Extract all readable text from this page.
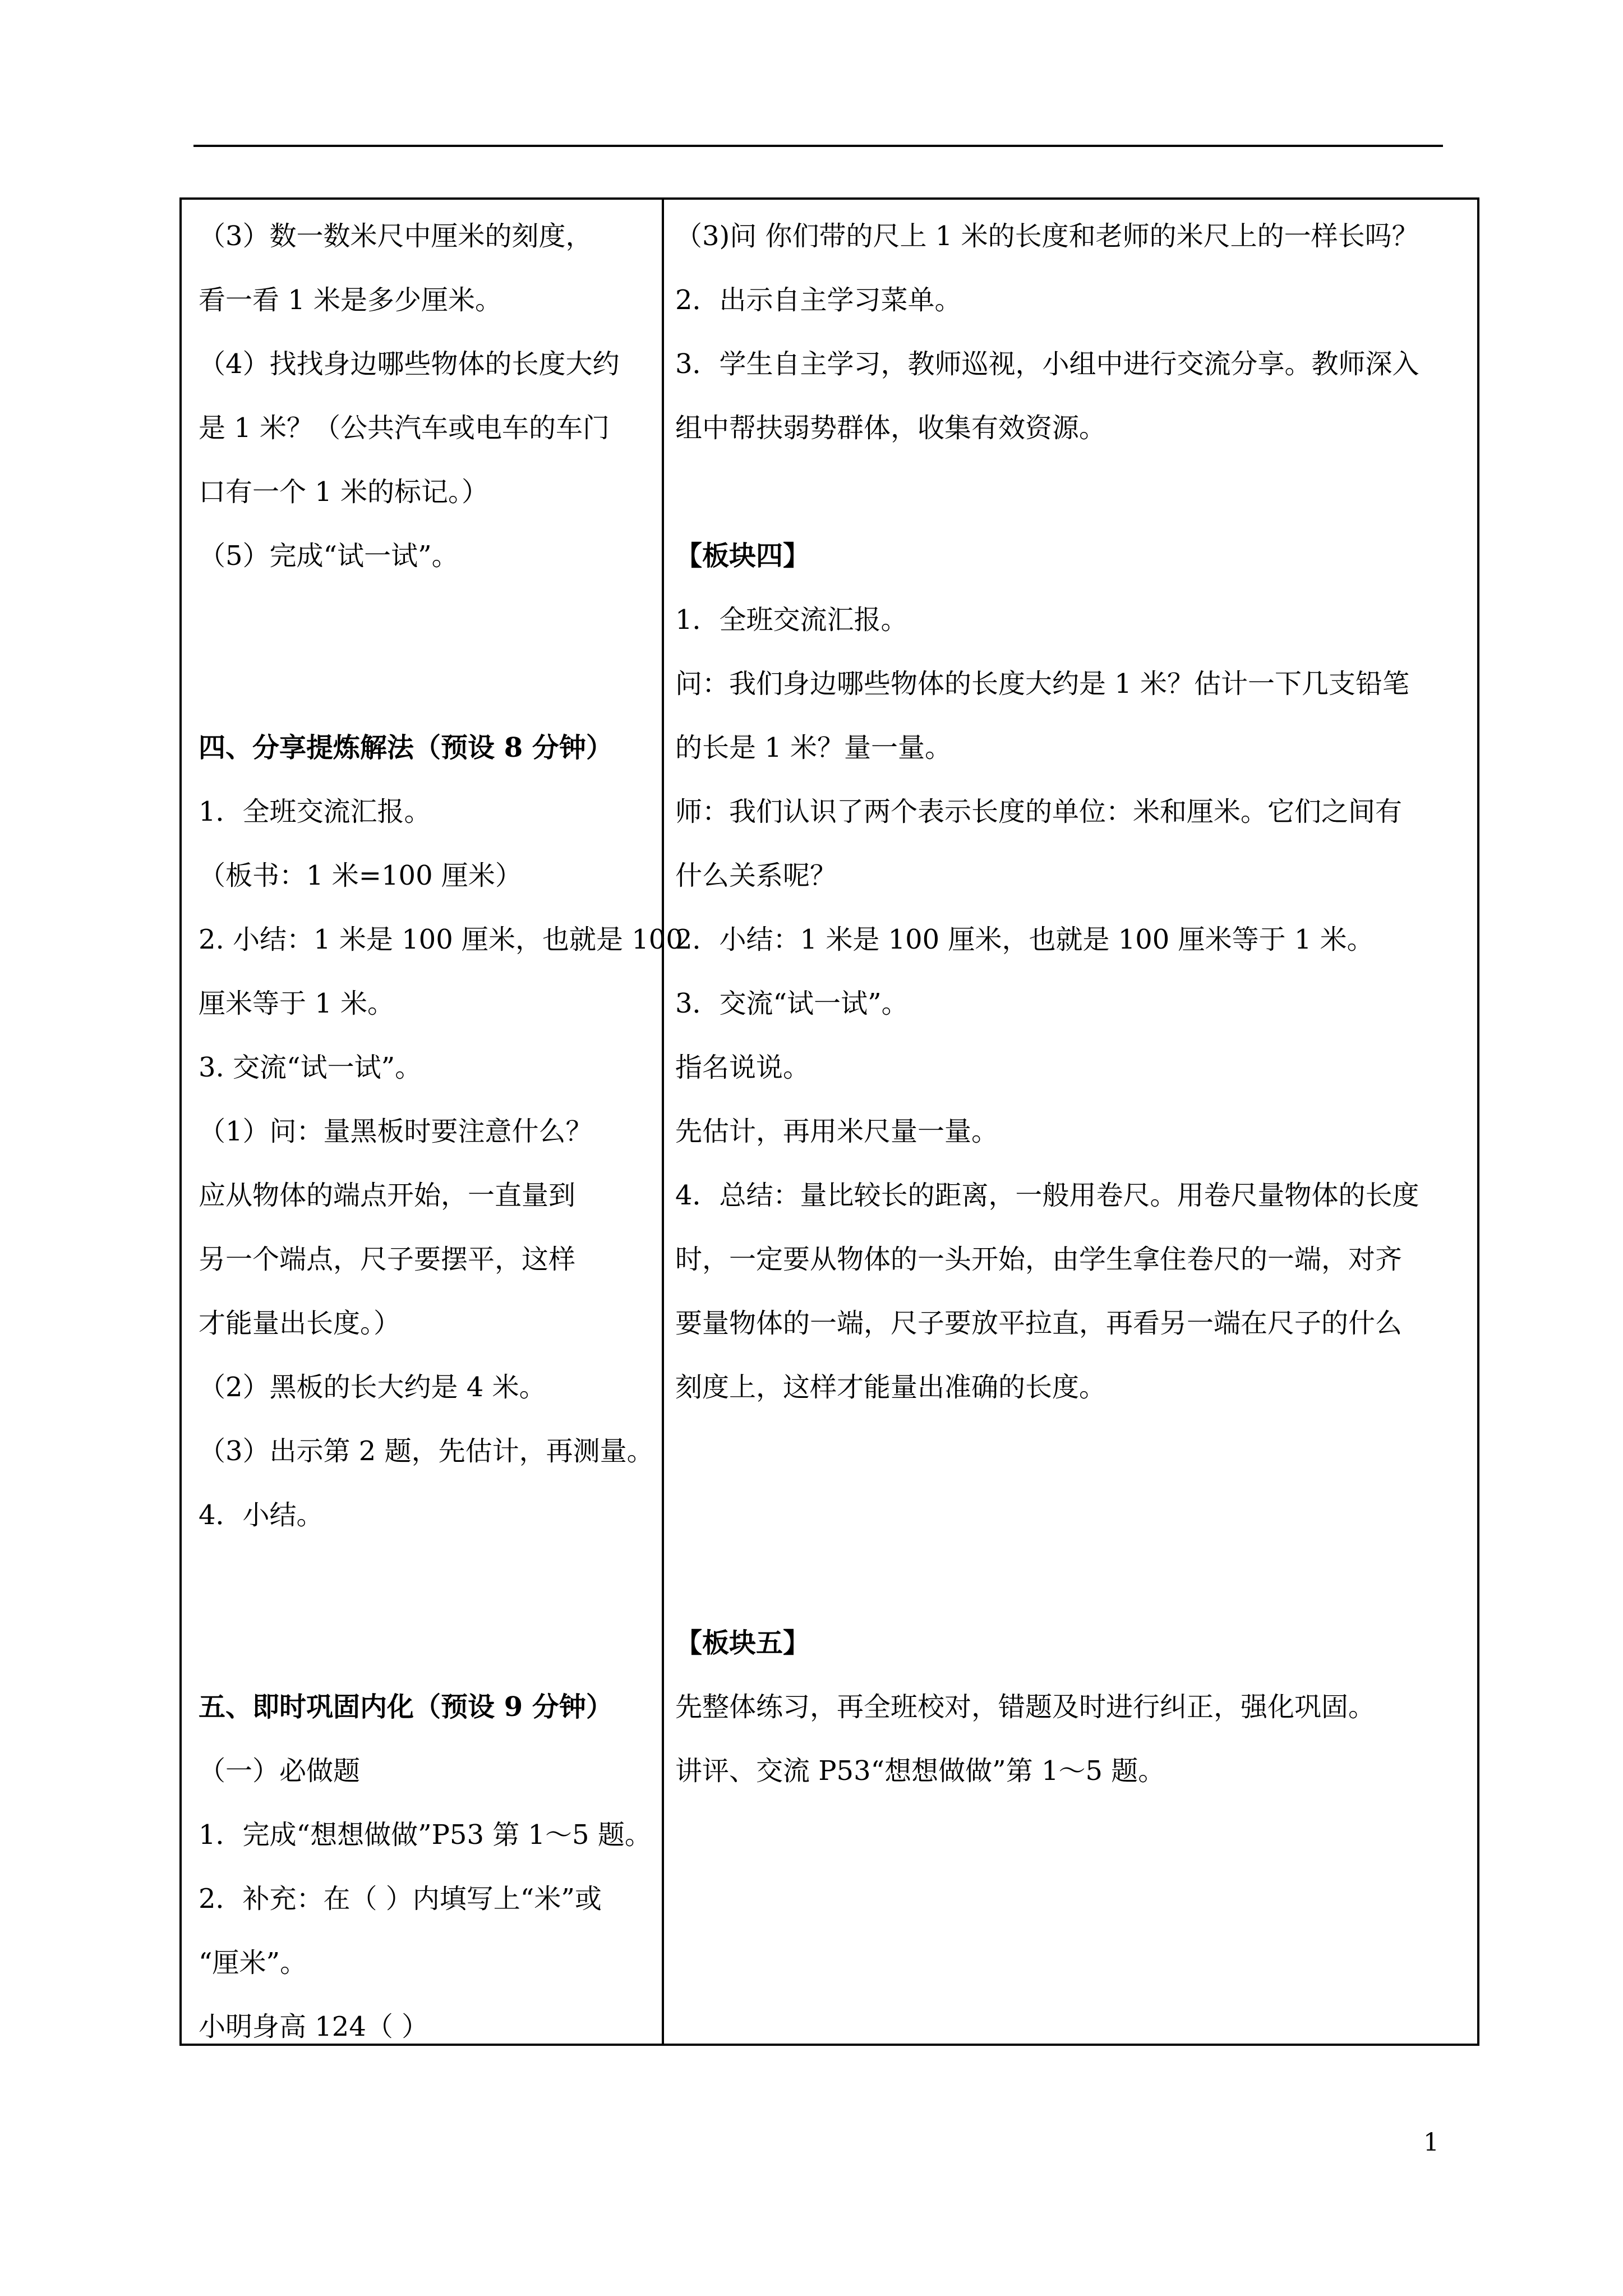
（3）数一数米尺中厘米的刻度，
看一看 1 米是多少厘米。
（4）找找身边哪些物体的长度大约
是 1 米？（公共汽车或电车的车门
口有一个 1 米的标记。）
（5）完成“试一试”。
四、分享提炼解法（预设 8 分钟）
1．全班交流汇报。
（板书：1 米=100 厘米）
2. 小结：1 米是 100 厘米，也就是 100
厘米等于 1 米。
3. 交流“试一试”。
（1）问：量黑板时要注意什么？
应从物体的端点开始，一直量到
另一个端点，尺子要摆平，这样
才能量出长度。）
（2）黑板的长大约是 4 米。
（3）出示第 2 题，先估计，再测量。
4．小结。
五、即时巩固内化（预设 9 分钟）
（一）必做题
1．完成“想想做做”P53 第 1～5 题。
2．补充：在（ ）内填写上“米”或
“厘米”。
小明身高 124（ ）
（3)问 你们带的尺上 1 米的长度和老师的米尺上的一样长吗？
2．出示自主学习菜单。
3．学生自主学习，教师巡视，小组中进行交流分享。教师深入
组中帮扶弱势群体，收集有效资源。
【板块四】
1．全班交流汇报。
问：我们身边哪些物体的长度大约是 1 米？估计一下几支铅笔
的长是 1 米？量一量。
师：我们认识了两个表示长度的单位：米和厘米。它们之间有
什么关系呢？
2．小结：1 米是 100 厘米，也就是 100 厘米等于 1 米。
3．交流“试一试”。
指名说说。
先估计，再用米尺量一量。
4．总结：量比较长的距离，一般用卷尺。用卷尺量物体的长度
时，一定要从物体的一头开始，由学生拿住卷尺的一端，对齐
要量物体的一端，尺子要放平拉直，再看另一端在尺子的什么
刻度上，这样才能量出准确的长度。
【板块五】
先整体练习，再全班校对，错题及时进行纠正，强化巩固。
讲评、交流 P53“想想做做”第 1～5 题。
1
